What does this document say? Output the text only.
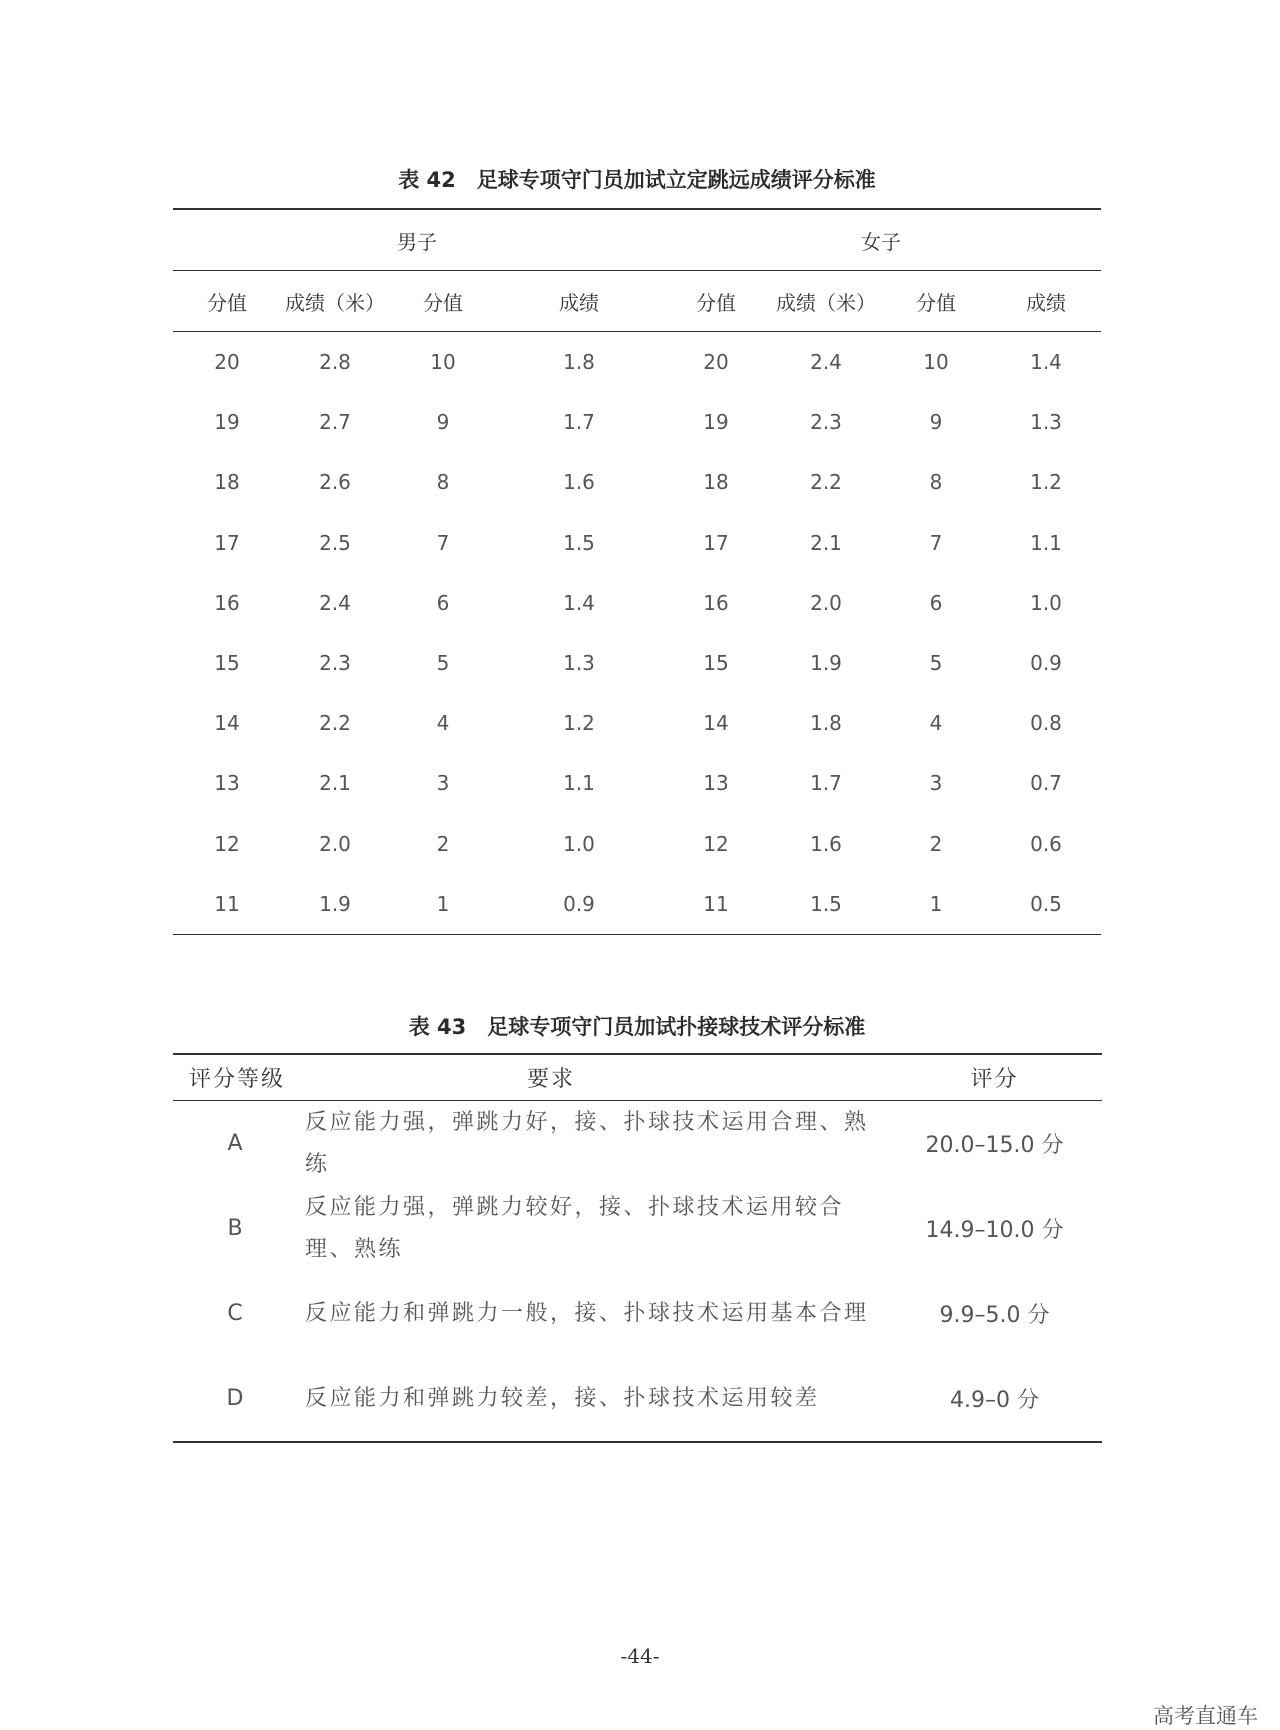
表 42　足球专项守门员加试立定跳远成绩评分标准
男子				女子			
分值	成绩（米）	分值	成绩	分值	成绩（米）	分值	成绩
20	2.8	10	1.8	20	2.4	10	1.4
19	2.7	9	1.7	19	2.3	9	1.3
18	2.6	8	1.6	18	2.2	8	1.2
17	2.5	7	1.5	17	2.1	7	1.1
16	2.4	6	1.4	16	2.0	6	1.0
15	2.3	5	1.3	15	1.9	5	0.9
14	2.2	4	1.2	14	1.8	4	0.8
13	2.1	3	1.1	13	1.7	3	0.7
12	2.0	2	1.0	12	1.6	2	0.6
11	1.9	1	0.9	11	1.5	1	0.5
表 43　足球专项守门员加试扑接球技术评分标准
评分等级	要求	评分
A	反应能力强，弹跳力好，接、扑球技术运用合理、熟练	20.0–15.0 分
B	反应能力强，弹跳力较好，接、扑球技术运用较合理、熟练	14.9–10.0 分
C	反应能力和弹跳力一般，接、扑球技术运用基本合理	9.9–5.0 分
D	反应能力和弹跳力较差，接、扑球技术运用较差	4.9–0 分
-44-
高考直通车
